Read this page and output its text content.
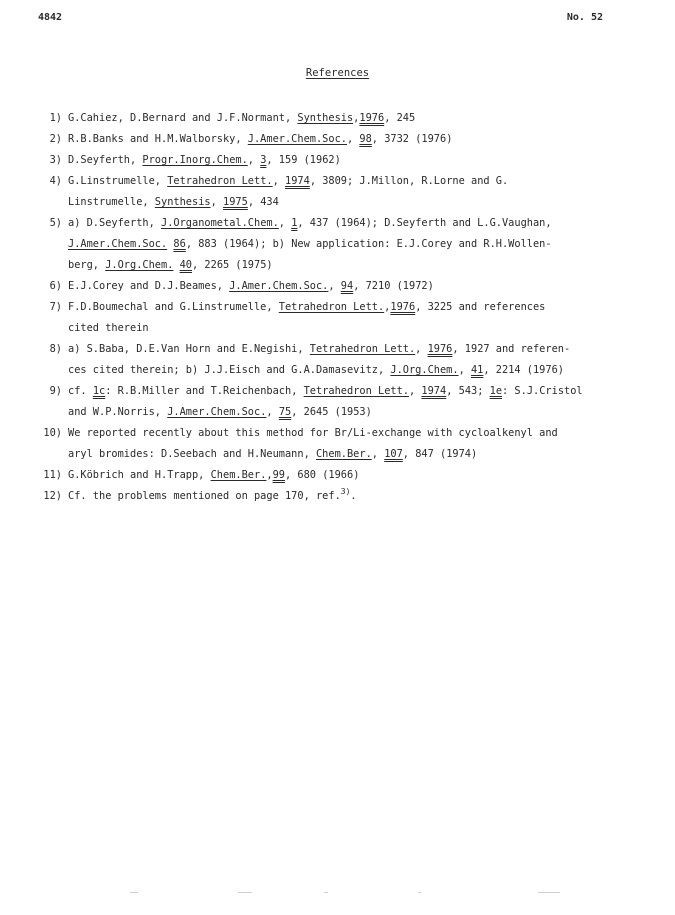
4842	No. 52
References
1) G.Cahiez, D.Bernard and J.F.Normant, Synthesis,1976, 245
2) R.B.Banks and H.M.Walborsky, J.Amer.Chem.Soc., 98, 3732 (1976)
3) D.Seyferth, Progr.Inorg.Chem., 3, 159 (1962)
4) G.Linstrumelle, Tetrahedron Lett., 1974, 3809; J.Millon, R.Lorne and G.
Linstrumelle, Synthesis, 1975, 434
5) a) D.Seyferth, J.Organometal.Chem., 1, 437 (1964); D.Seyferth and L.G.Vaughan,
J.Amer.Chem.Soc. 86, 883 (1964); b) New application: E.J.Corey and R.H.Wollen-
berg, J.Org.Chem. 40, 2265 (1975)
6) E.J.Corey and D.J.Beames, J.Amer.Chem.Soc., 94, 7210 (1972)
7) F.D.Boumechal and G.Linstrumelle, Tetrahedron Lett.,1976, 3225 and references
cited therein
8) a) S.Baba, D.E.Van Horn and E.Negishi, Tetrahedron Lett., 1976, 1927 and referen-
ces cited therein; b) J.J.Eisch and G.A.Damasevitz, J.Org.Chem., 41, 2214 (1976)
9) cf. 1c: R.B.Miller and T.Reichenbach, Tetrahedron Lett., 1974, 543; 1e: S.J.Cristol
and W.P.Norris, J.Amer.Chem.Soc., 75, 2645 (1953)
10) We reported recently about this method for Br/Li-exchange with cycloalkenyl and
aryl bromides: D.Seebach and H.Neumann, Chem.Ber., 107, 847 (1974)
11) G.Köbrich and H.Trapp, Chem.Ber.,99, 680 (1966)
12) Cf. the problems mentioned on page 170, ref.$^{3)}$.
